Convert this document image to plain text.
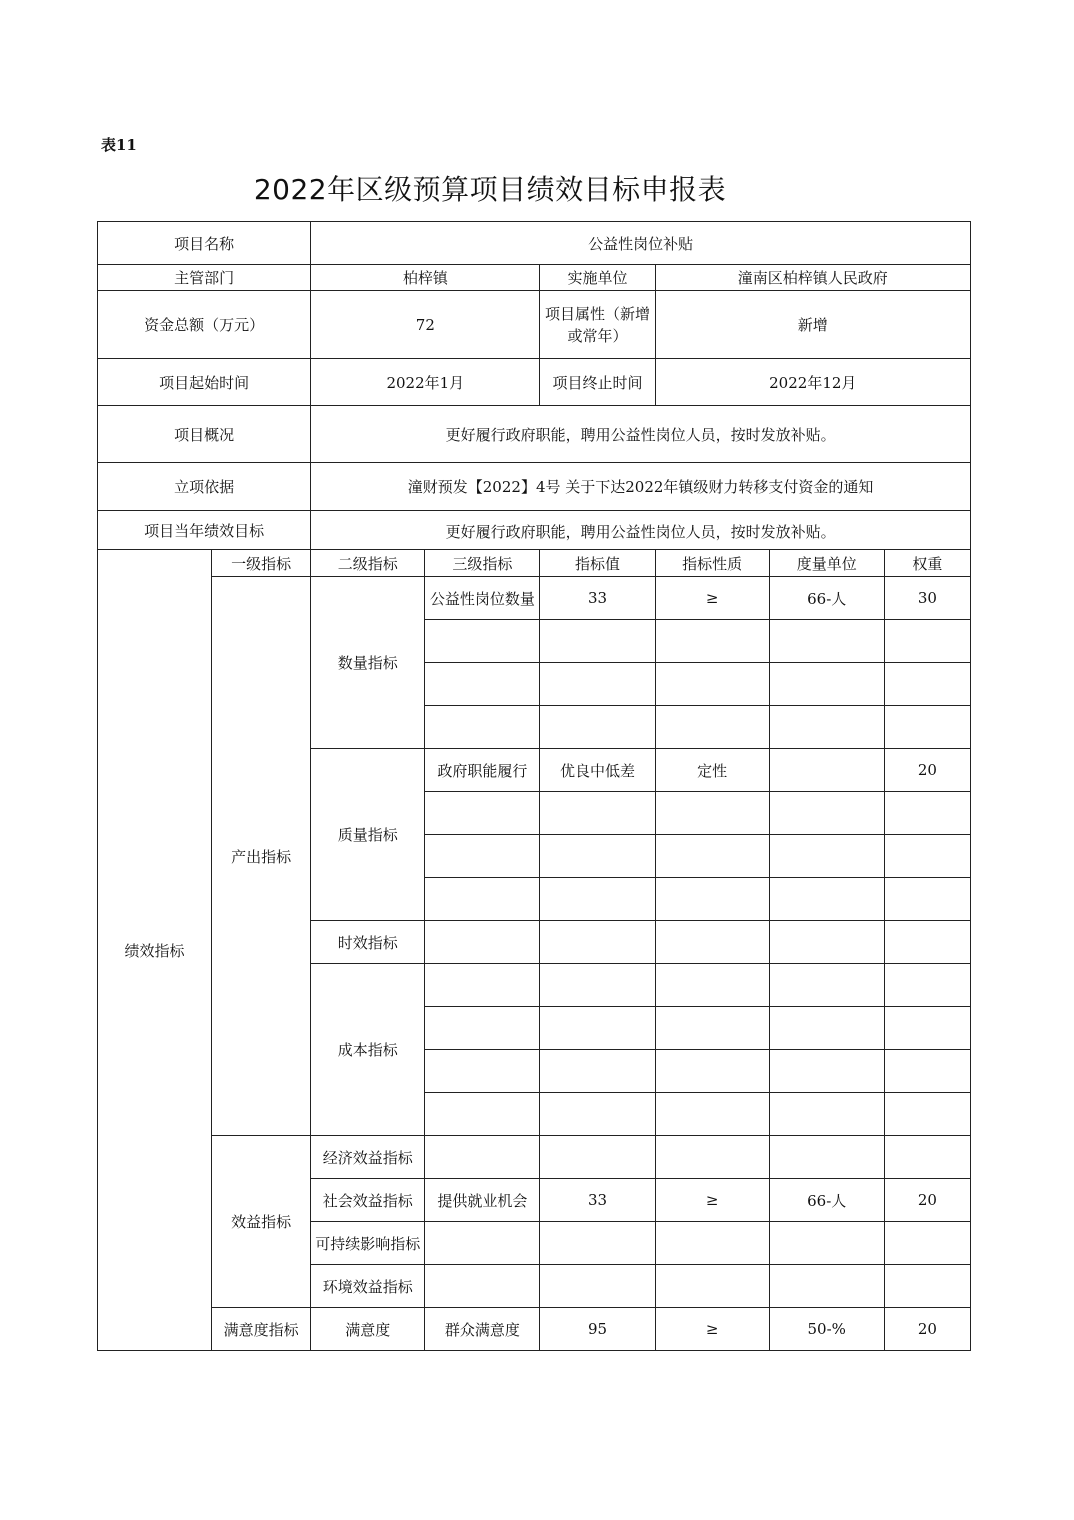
表11
2022年区级预算项目绩效目标申报表
项目名称		公益性岗位补贴					
主管部门		柏梓镇		实施单位	潼南区柏梓镇人民政府		
资金总额（万元）		72		项目属性（新增或常年）	新增		
项目起始时间		2022年1月		项目终止时间	2022年12月		
项目概况		更好履行政府职能，聘用公益性岗位人员，按时发放补贴。					
立项依据		潼财预发【2022】4号 关于下达2022年镇级财力转移支付资金的通知					
项目当年绩效目标		更好履行政府职能，聘用公益性岗位人员，按时发放补贴。					
绩效指标	一级指标	二级指标	三级指标	指标值	指标性质	度量单位	权重
	产出指标	数量指标	公益性岗位数量	33	≥	66-人	30

		质量指标	政府职能履行	优良中低差	定性		20

		时效指标					
		成本指标					

	效益指标	经济效益指标					
		社会效益指标	提供就业机会	33	≥	66-人	20
		可持续影响指标					
		环境效益指标					
	满意度指标	满意度	群众满意度	95	≥	50-%	20
